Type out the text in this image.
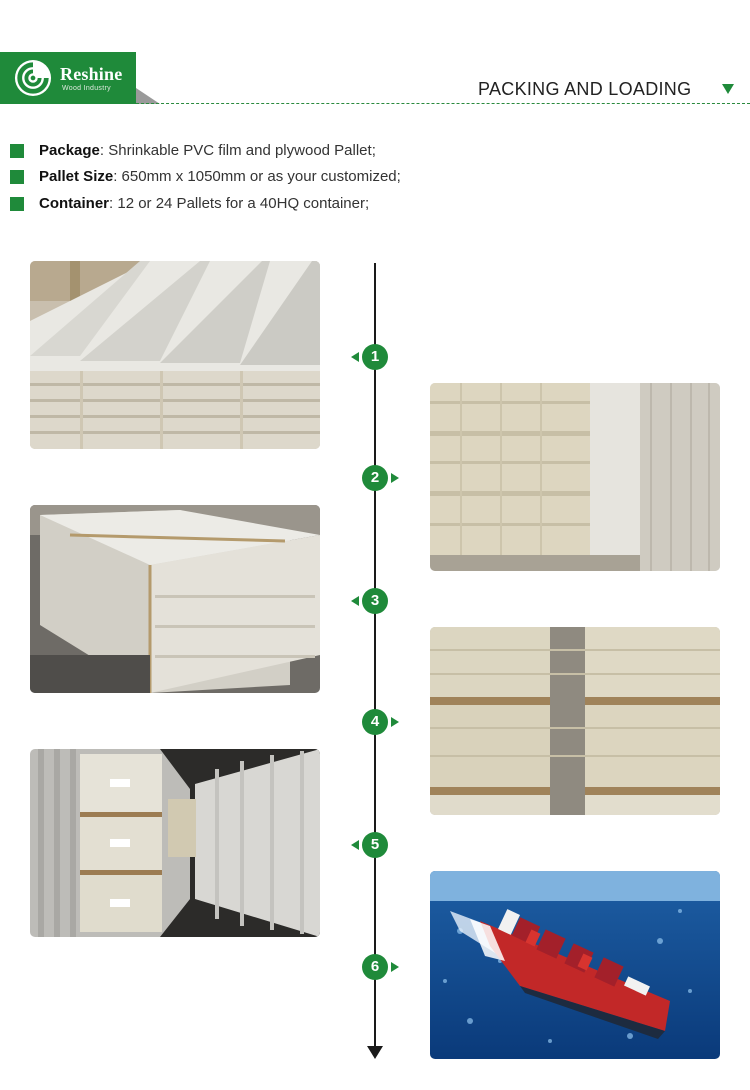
Reshine
Wood Industry	PACKING AND LOADING
Package: Shrinkable PVC film and plywood Pallet;
Pallet Size: 650mm x 1050mm or as your customized;
Container: 12 or 24 Pallets for a 40HQ container;
1
2
3
4
5
6
